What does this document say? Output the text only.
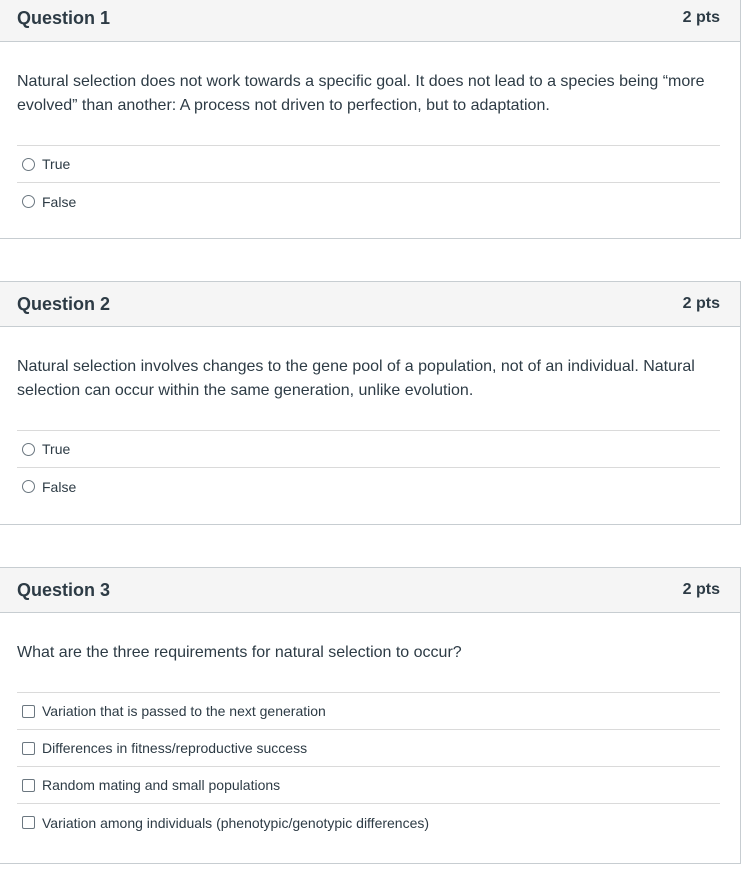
Question 1	2 pts

Natural selection does not work towards a specific goal. It does not lead to a species being “more evolved” than another: A process not driven to perfection, but to adaptation.

True
False
Question 2	2 pts

Natural selection involves changes to the gene pool of a population, not of an individual. Natural selection can occur within the same generation, unlike evolution.

True
False
Question 3	2 pts

What are the three requirements for natural selection to occur?

Variation that is passed to the next generation
Differences in fitness/reproductive success
Random mating and small populations
Variation among individuals (phenotypic/genotypic differences)
